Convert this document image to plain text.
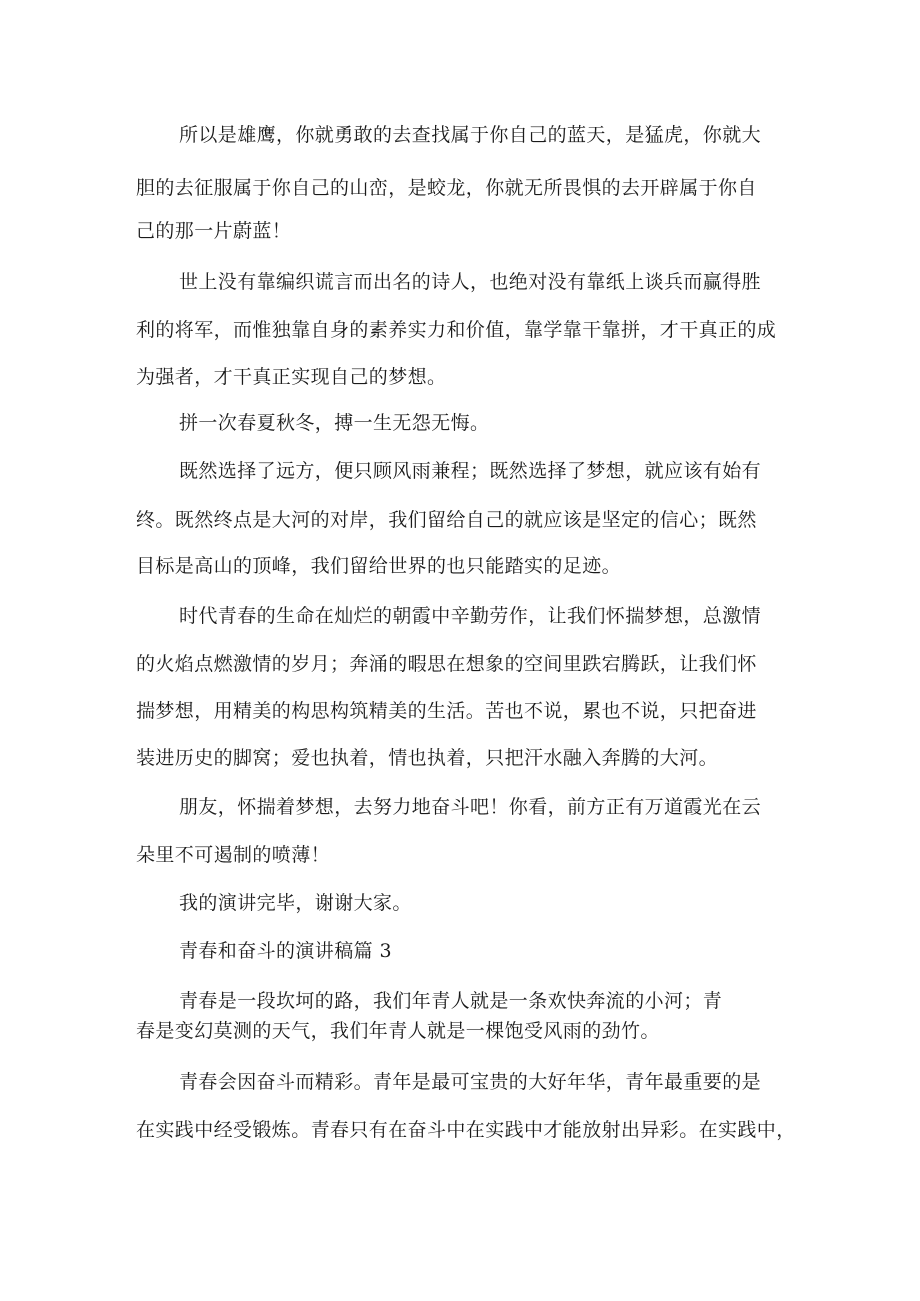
所以是雄鹰，你就勇敢的去查找属于你自己的蓝天，是猛虎，你就大

胆的去征服属于你自己的山峦，是蛟龙，你就无所畏惧的去开辟属于你自

己的那一片蔚蓝！

世上没有靠编织谎言而出名的诗人，也绝对没有靠纸上谈兵而赢得胜

利的将军，而惟独靠自身的素养实力和价值，靠学靠干靠拼，才干真正的成

为强者，才干真正实现自己的梦想。

拼一次春夏秋冬，搏一生无怨无悔。

既然选择了远方，便只顾风雨兼程；既然选择了梦想，就应该有始有

终。既然终点是大河的对岸，我们留给自己的就应该是坚定的信心；既然

目标是高山的顶峰，我们留给世界的也只能踏实的足迹。

时代青春的生命在灿烂的朝霞中辛勤劳作，让我们怀揣梦想，总激情

的火焰点燃激情的岁月；奔涌的暇思在想象的空间里跌宕腾跃，让我们怀

揣梦想，用精美的构思构筑精美的生活。苦也不说，累也不说，只把奋进

装进历史的脚窝；爱也执着，情也执着，只把汗水融入奔腾的大河。

朋友，怀揣着梦想，去努力地奋斗吧！你看，前方正有万道霞光在云

朵里不可遏制的喷薄！

我的演讲完毕，谢谢大家。

青春和奋斗的演讲稿篇 3

青春是一段坎坷的路，我们年青人就是一条欢快奔流的小河；青

春是变幻莫测的天气，我们年青人就是一棵饱受风雨的劲竹。

青春会因奋斗而精彩。青年是最可宝贵的大好年华，青年最重要的是

在实践中经受锻炼。青春只有在奋斗中在实践中才能放射出异彩。在实践中，
